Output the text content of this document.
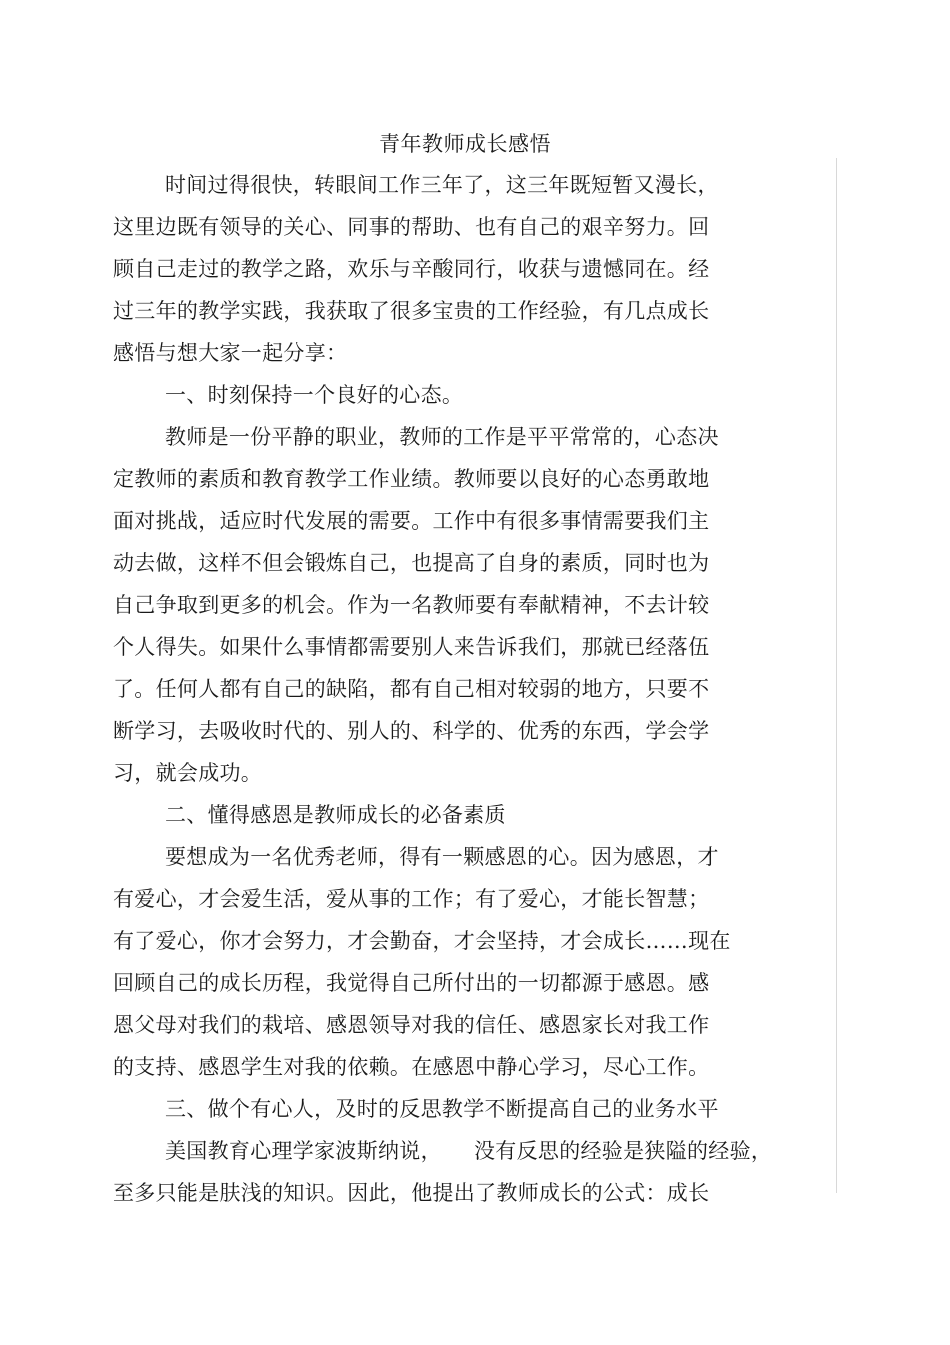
青年教师成长感悟
时间过得很快，转眼间工作三年了，这三年既短暂又漫长，
这里边既有领导的关心、同事的帮助、也有自己的艰辛努力。回
顾自己走过的教学之路，欢乐与辛酸同行，收获与遗憾同在。经
过三年的教学实践，我获取了很多宝贵的工作经验，有几点成长
感悟与想大家一起分享：
一、时刻保持一个良好的心态。
教师是一份平静的职业，教师的工作是平平常常的，心态决
定教师的素质和教育教学工作业绩。教师要以良好的心态勇敢地
面对挑战，适应时代发展的需要。工作中有很多事情需要我们主
动去做，这样不但会锻炼自己，也提高了自身的素质，同时也为
自己争取到更多的机会。作为一名教师要有奉献精神，不去计较
个人得失。如果什么事情都需要别人来告诉我们，那就已经落伍
了。任何人都有自己的缺陷，都有自己相对较弱的地方，只要不
断学习，去吸收时代的、别人的、科学的、优秀的东西，学会学
习，就会成功。
二、懂得感恩是教师成长的必备素质
要想成为一名优秀老师，得有一颗感恩的心。因为感恩，才
有爱心，才会爱生活，爱从事的工作；有了爱心，才能长智慧；
有了爱心，你才会努力，才会勤奋，才会坚持，才会成长……现在
回顾自己的成长历程，我觉得自己所付出的一切都源于感恩。感
恩父母对我们的栽培、感恩领导对我的信任、感恩家长对我工作
的支持、感恩学生对我的依赖。在感恩中静心学习，尽心工作。
三、做个有心人，及时的反思教学不断提高自己的业务水平
美国教育心理学家波斯纳说，　　没有反思的经验是狭隘的经验，
至多只能是肤浅的知识。因此，他提出了教师成长的公式：成长
